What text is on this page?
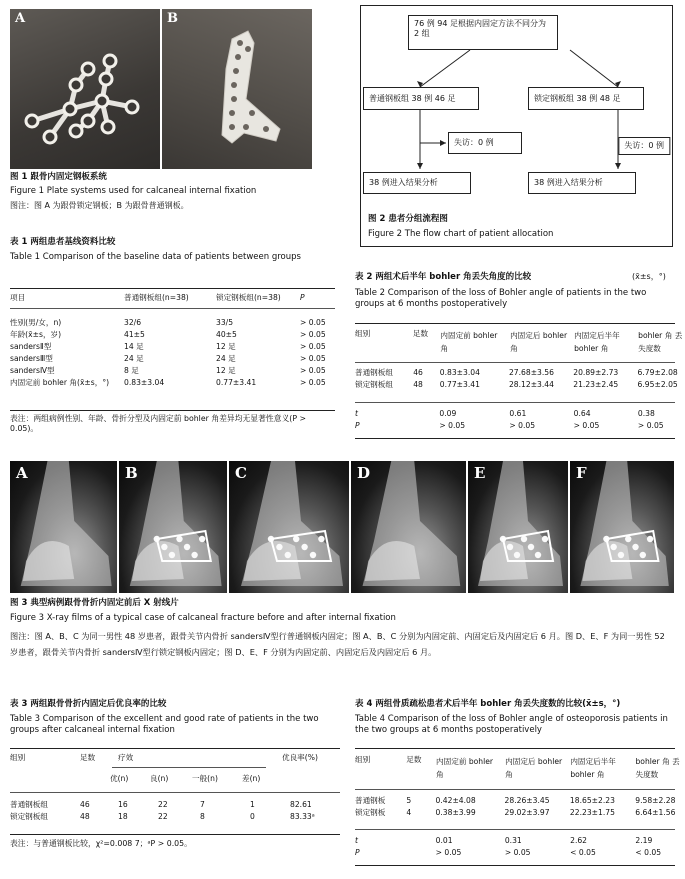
A	B
图 1 跟骨内固定钢板系统
Figure 1 Plate systems used for calcaneal internal fixation
图注：图 A 为跟骨锁定钢板；B 为跟骨普通钢板。
76 例 94 足根据内固定方法不同分为 2 组
普通钢板组 38 例 46 足	锁定钢板组 38 例 48 足
失访：0 例	失访：0 例
38 例进入结果分析	38 例进入结果分析
图 2 患者分组流程图
Figure 2 The flow chart of patient allocation
表 1 两组患者基线资料比较
Table 1 Comparison of the baseline data of patients between groups
项目	普通钢板组(n=38)	锁定钢板组(n=38)	P
性别(男/女，n)	32/6	33/5	> 0.05
年龄(x̄±s，岁)	41±5	40±5	> 0.05
sandersⅡ型	14 足	12 足	> 0.05
sandersⅢ型	24 足	24 足	> 0.05
sandersⅣ型	8 足	12 足	> 0.05
内固定前 bohler 角(x̄±s，°)	0.83±3.04	0.77±3.41	> 0.05
表注：两组病例性别、年龄、骨折分型及内固定前 bohler 角差异均无显著性意义(P > 0.05)。
表 2 两组术后半年 bohler 角丢失角度的比较	(x̄±s，°)
Table 2 Comparison of the loss of Bohler angle of patients in the two groups at 6 months postoperatively
组别	足数	内固定前 bohler 角	内固定后 bohler 角	内固定后半年 bohler 角	bohler 角 丢失度数
普通钢板组	46	0.83±3.04	27.68±3.56	20.89±2.73	6.79±2.08
锁定钢板组	48	0.77±3.41	28.12±3.44	21.23±2.45	6.95±2.05
t		0.09	0.61	0.64	0.38
P		> 0.05	> 0.05	> 0.05	> 0.05
A	B	C	D	E	F
图 3 典型病例跟骨骨折内固定前后 X 射线片
Figure 3 X-ray films of a typical case of calcaneal fracture before and after internal fixation
图注：图 A、B、C 为同一男性 48 岁患者，跟骨关节内骨折 sandersⅣ型行普通钢板内固定；图 A、B、C 分别为内固定前、内固定后及内固定后 6 月。图 D、E、F 为同一男性 52 岁患者，跟骨关节内骨折 sandersⅣ型行锁定钢板内固定；图 D、E、F 分别为内固定前、内固定后及内固定后 6 月。
表 3 两组跟骨骨折内固定后优良率的比较
Table 3 Comparison of the excellent and good rate of patients in the two groups after calcaneal internal fixation
组别	足数	疗效	优良率(%)
优(n)	良(n)	一般(n)	差(n)
普通钢板组	46	16	22	7	1	82.61
锁定钢板组	48	18	22	8	0	83.33ᵃ
表注：与普通钢板比较，χ²=0.008 7；ᵃP > 0.05。
表 4 两组骨质疏松患者术后半年 bohler 角丢失度数的比较(x̄±s，°)
Table 4 Comparison of the loss of Bohler angle of osteoporosis patients in the two groups at 6 months postoperatively
组别	足数	内固定前 bohler 角	内固定后 bohler 角	内固定后半年 bohler 角	bohler 角 丢失度数
普通钢板	5	0.42±4.08	28.26±3.45	18.65±2.23	9.58±2.28
锁定钢板	4	0.38±3.99	29.02±3.97	22.23±1.75	6.64±1.56
t		0.01	0.31	2.62	2.19
P		> 0.05	> 0.05	< 0.05	< 0.05
